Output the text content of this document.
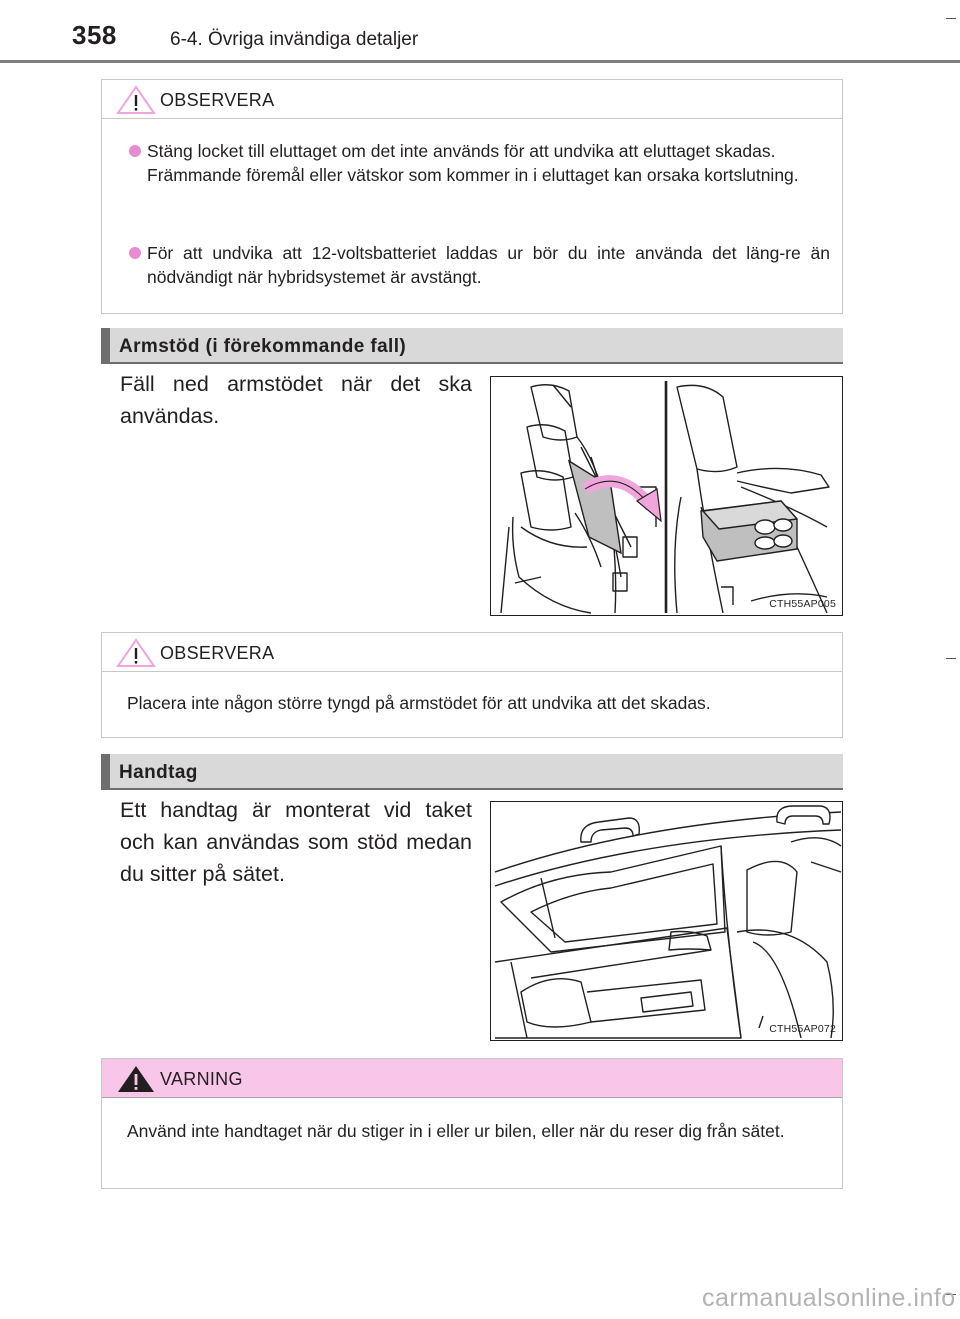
358	6-4. Övriga invändiga detaljer
OBSERVERA
Stäng locket till eluttaget om det inte används för att undvika att eluttaget skadas.
Främmande föremål eller vätskor som kommer in i eluttaget kan orsaka kortslutning.
För att undvika att 12-voltsbatteriet laddas ur bör du inte använda det läng-re än nödvändigt när hybridsystemet är avstängt.
Armstöd (i förekommande fall)
Fäll ned armstödet när det ska användas.
CTH55AP005
OBSERVERA
Placera inte någon större tyngd på armstödet för att undvika att det skadas.
Handtag
Ett handtag är monterat vid taket och kan användas som stöd medan du sitter på sätet.
CTH55AP072
VARNING
Använd inte handtaget när du stiger in i eller ur bilen, eller när du reser dig från sätet.
carmanualsonline.info
